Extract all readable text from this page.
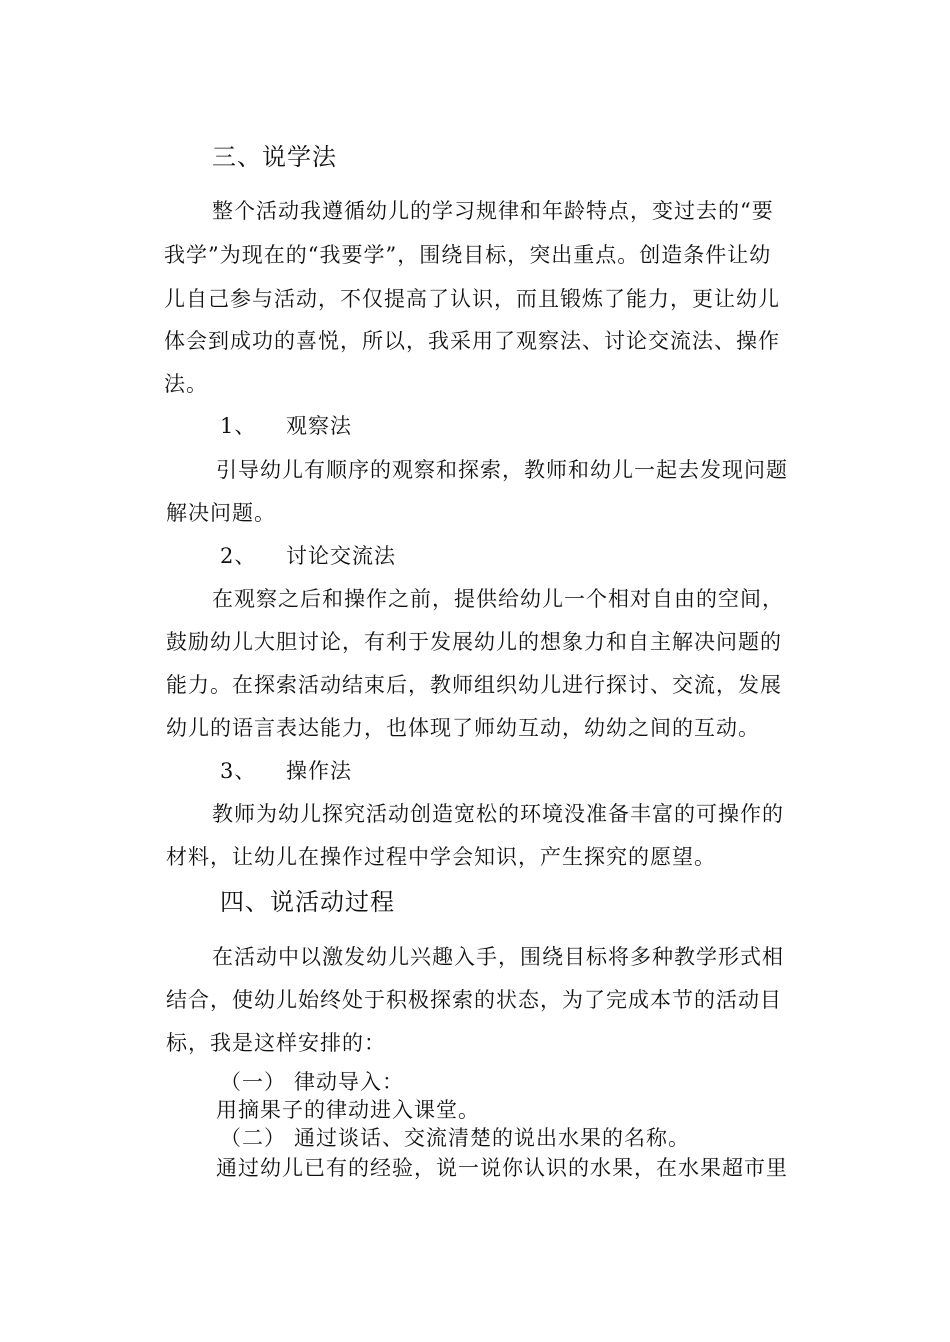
三、说学法
整个活动我遵循幼儿的学习规律和年龄特点，变过去的“要
我学”为现在的“我要学”，围绕目标，突出重点。创造条件让幼
儿自己参与活动，不仅提高了认识，而且锻炼了能力，更让幼儿
体会到成功的喜悦，所以，我采用了观察法、讨论交流法、操作
法。
1、 观察法
引导幼儿有顺序的观察和探索，教师和幼儿一起去发现问题
解决问题。
2、 讨论交流法
在观察之后和操作之前，提供给幼儿一个相对自由的空间，
鼓励幼儿大胆讨论，有利于发展幼儿的想象力和自主解决问题的
能力。在探索活动结束后，教师组织幼儿进行探讨、交流，发展
幼儿的语言表达能力，也体现了师幼互动，幼幼之间的互动。
3、 操作法
教师为幼儿探究活动创造宽松的环境没准备丰富的可操作的
材料，让幼儿在操作过程中学会知识，产生探究的愿望。
四、说活动过程
在活动中以激发幼儿兴趣入手，围绕目标将多种教学形式相
结合，使幼儿始终处于积极探索的状态，为了完成本节的活动目
标，我是这样安排的：
（一） 律动导入：
用摘果子的律动进入课堂。
（二） 通过谈话、交流清楚的说出水果的名称。
通过幼儿已有的经验，说一说你认识的水果，在水果超市里
